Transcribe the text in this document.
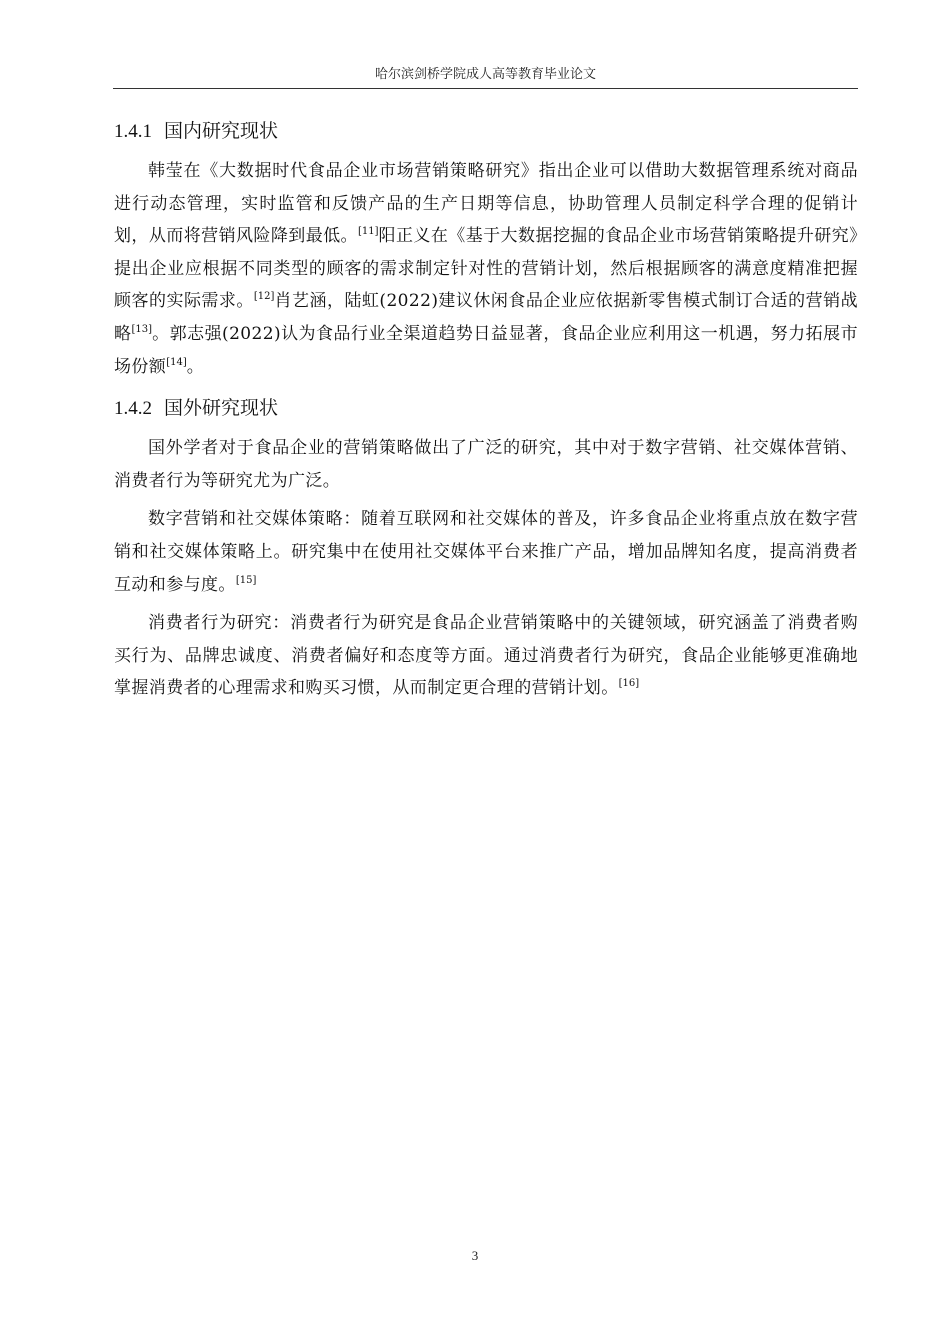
哈尔滨剑桥学院成人高等教育毕业论文
1.4.1 国内研究现状

韩莹在《大数据时代食品企业市场营销策略研究》指出企业可以借助大数据管理系统对商品进行动态管理，实时监管和反馈产品的生产日期等信息，协助管理人员制定科学合理的促销计划，从而将营销风险降到最低。[11]阳正义在《基于大数据挖掘的食品企业市场营销策略提升研究》提出企业应根据不同类型的顾客的需求制定针对性的营销计划，然后根据顾客的满意度精准把握顾客的实际需求。[12]肖艺涵，陆虹(2022)建议休闲食品企业应依据新零售模式制订合适的营销战略[13]。郭志强(2022)认为食品行业全渠道趋势日益显著，食品企业应利用这一机遇，努力拓展市场份额[14]。

1.4.2 国外研究现状

国外学者对于食品企业的营销策略做出了广泛的研究，其中对于数字营销、社交媒体营销、消费者行为等研究尤为广泛。

数字营销和社交媒体策略：随着互联网和社交媒体的普及，许多食品企业将重点放在数字营销和社交媒体策略上。研究集中在使用社交媒体平台来推广产品，增加品牌知名度，提高消费者互动和参与度。[15]

消费者行为研究：消费者行为研究是食品企业营销策略中的关键领域，研究涵盖了消费者购买行为、品牌忠诚度、消费者偏好和态度等方面。通过消费者行为研究，食品企业能够更准确地掌握消费者的心理需求和购买习惯，从而制定更合理的营销计划。[16]

3
